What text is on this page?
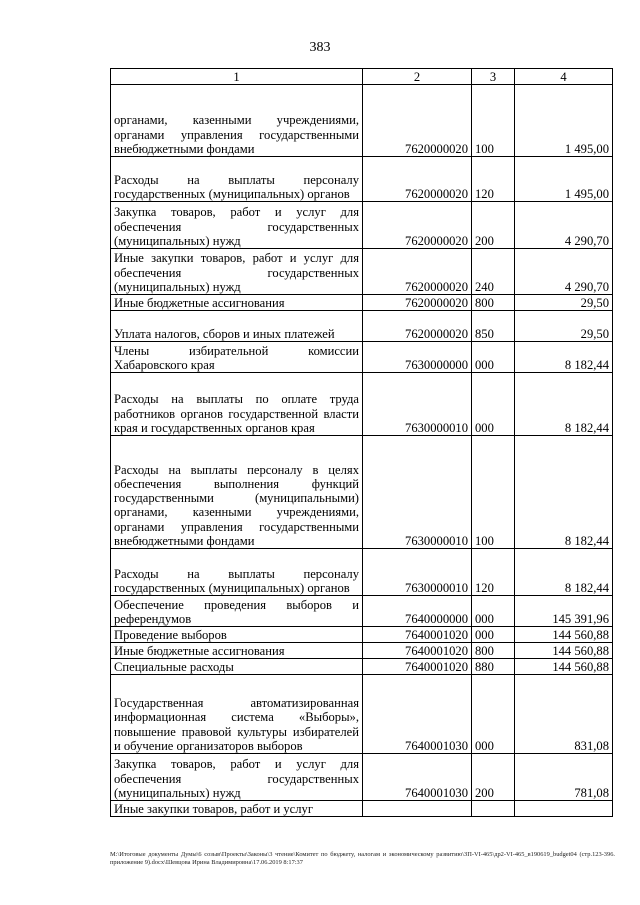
383
1	2	3	4
органами, казенными учреждениями, органами управления государственными внебюджетными фондами	7620000020	100	1 495,00
Расходы на выплаты персоналу государственных (муниципальных) органов	7620000020	120	1 495,00
Закупка товаров, работ и услуг для обеспечения государственных (муниципальных) нужд	7620000020	200	4 290,70
Иные закупки товаров, работ и услуг для обеспечения государственных (муниципальных) нужд	7620000020	240	4 290,70
Иные бюджетные ассигнования	7620000020	800	29,50
Уплата налогов, сборов и иных платежей	7620000020	850	29,50
Члены избирательной комиссии Хабаровского края	7630000000	000	8 182,44
Расходы на выплаты по оплате труда работников органов государственной власти края и государственных органов края	7630000010	000	8 182,44
Расходы на выплаты персоналу в целях обеспечения выполнения функций государственными (муниципальными) органами, казенными учреждениями, органами управления государственными внебюджетными фондами	7630000010	100	8 182,44
Расходы на выплаты персоналу государственных (муниципальных) органов	7630000010	120	8 182,44
Обеспечение проведения выборов и референдумов	7640000000	000	145 391,96
Проведение выборов	7640001020	000	144 560,88
Иные бюджетные ассигнования	7640001020	800	144 560,88
Специальные расходы	7640001020	880	144 560,88
Государственная автоматизированная информационная система «Выборы», повышение правовой культуры избирателей и обучение организаторов выборов	7640001030	000	831,08
Закупка товаров, работ и услуг для обеспечения государственных (муниципальных) нужд	7640001030	200	781,08
Иные закупки товаров, работ и услуг			
M:\Итоговые документы Думы\6 созыв\Проекты\Законы\3 чтение\Комитет по бюджету, налогам и экономическому развитию\ЗП-VI-465\др2-VI-465_в190619_budget04 (стр.123-396. приложение 9).docx\Шевцова Ирина Владимировна\17.06.2019 8:17:37
